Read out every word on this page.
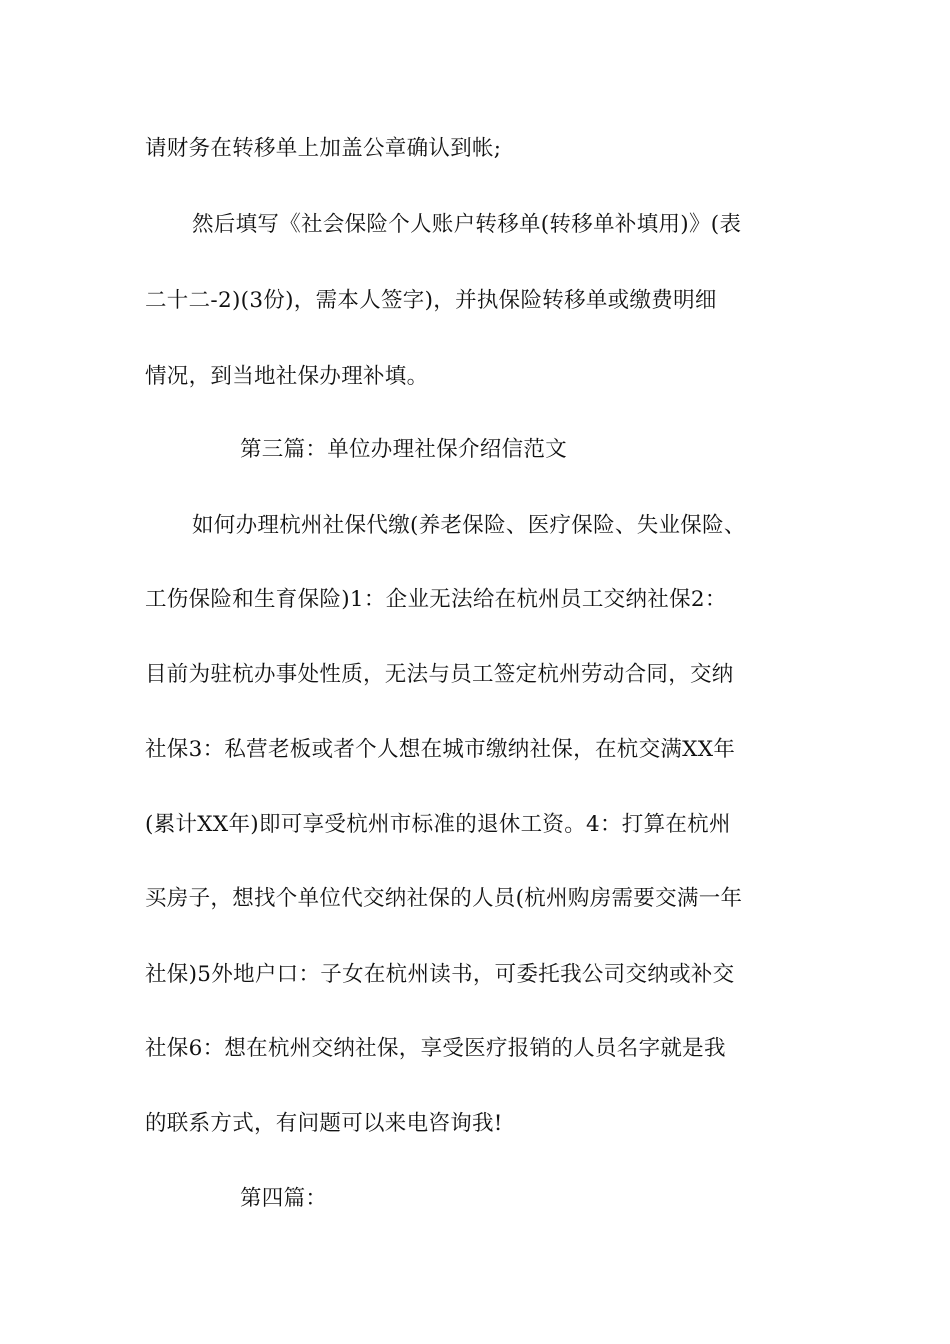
请财务在转移单上加盖公章确认到帐;
然后填写《社会保险个人账户转移单(转移单补填用)》(表
二十二-2)(3份)，需本人签字)，并执保险转移单或缴费明细
情况，到当地社保办理补填。
第三篇：单位办理社保介绍信范文
如何办理杭州社保代缴(养老保险、医疗保险、失业保险、
工伤保险和生育保险)1：企业无法给在杭州员工交纳社保2：
目前为驻杭办事处性质，无法与员工签定杭州劳动合同，交纳
社保3：私营老板或者个人想在城市缴纳社保，在杭交满XX年
(累计XX年)即可享受杭州市标准的退休工资。4：打算在杭州
买房子，想找个单位代交纳社保的人员(杭州购房需要交满一年
社保)5外地户口：子女在杭州读书，可委托我公司交纳或补交
社保6：想在杭州交纳社保，享受医疗报销的人员名字就是我
的联系方式，有问题可以来电咨询我!
第四篇：
